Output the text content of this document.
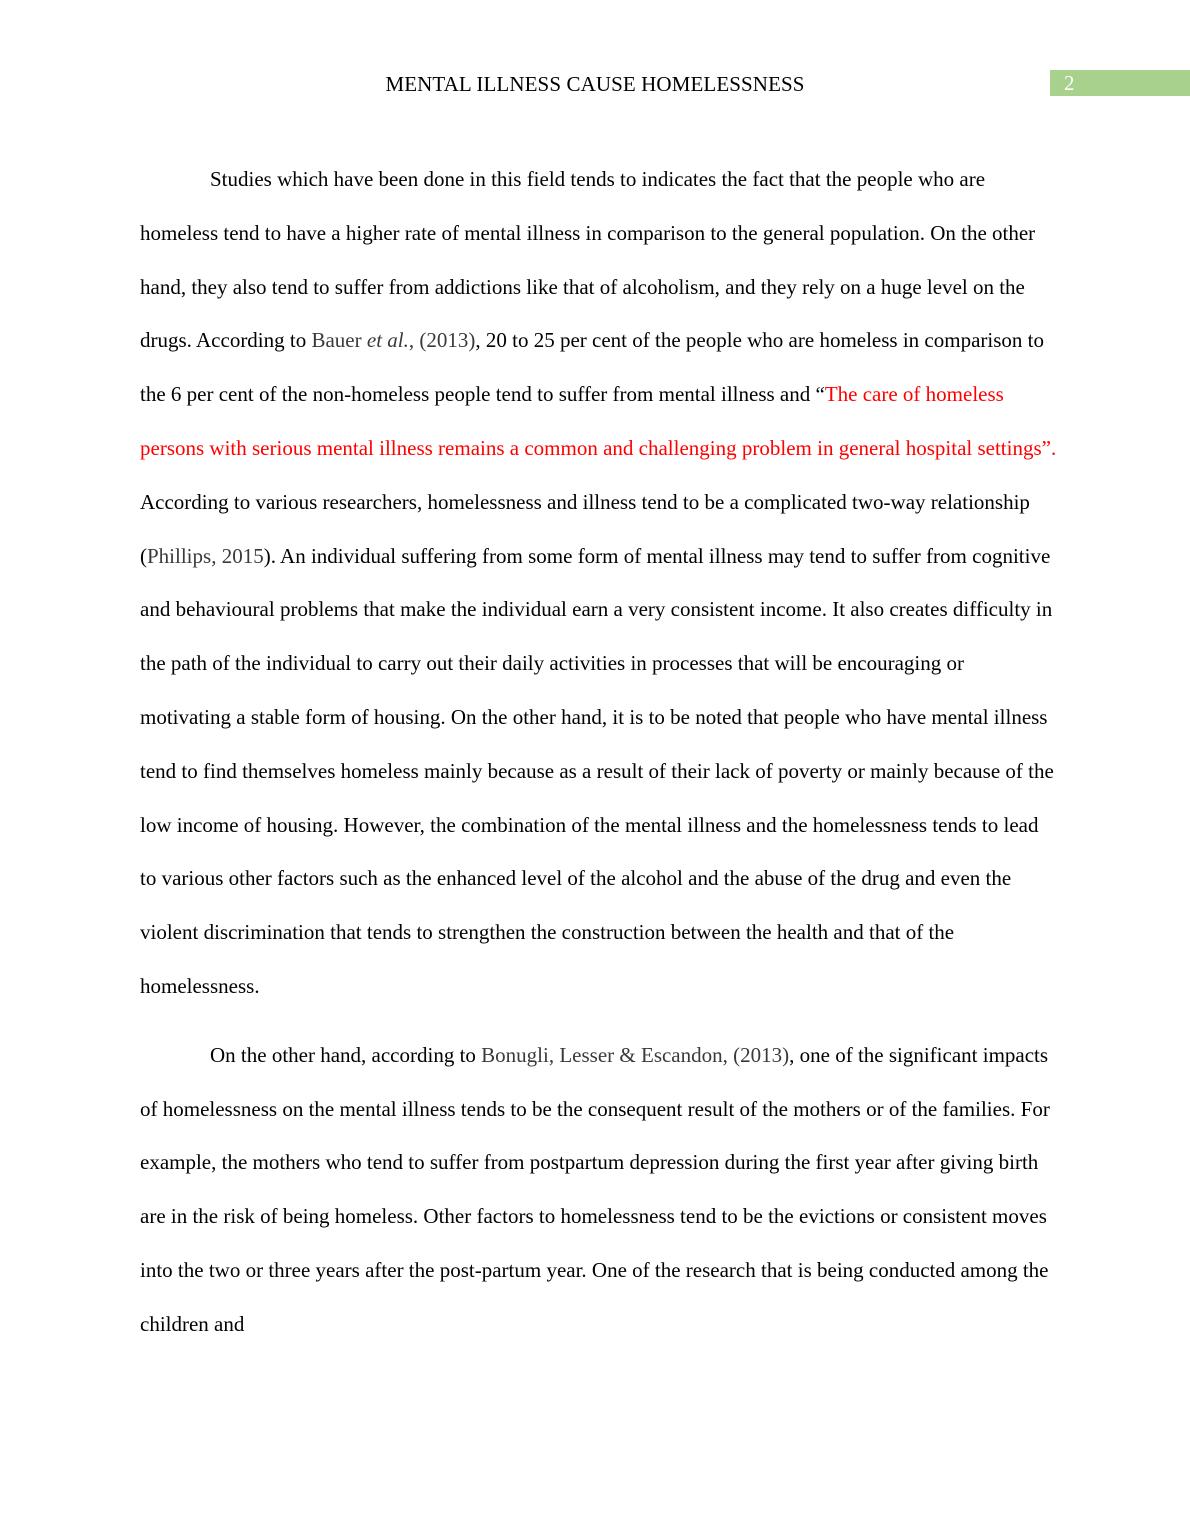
MENTAL ILLNESS CAUSE HOMELESSNESS	2

Studies which have been done in this field tends to indicates the fact that the people who are homeless tend to have a higher rate of mental illness in comparison to the general population. On the other hand, they also tend to suffer from addictions like that of alcoholism, and they rely on a huge level on the drugs. According to Bauer et al., (2013), 20 to 25 per cent of the people who are homeless in comparison to the 6 per cent of the non-homeless people tend to suffer from mental illness and “The care of homeless persons with serious mental illness remains a common and challenging problem in general hospital settings”. According to various researchers, homelessness and illness tend to be a complicated two-way relationship (Phillips, 2015). An individual suffering from some form of mental illness may tend to suffer from cognitive and behavioural problems that make the individual earn a very consistent income. It also creates difficulty in the path of the individual to carry out their daily activities in processes that will be encouraging or motivating a stable form of housing. On the other hand, it is to be noted that people who have mental illness tend to find themselves homeless mainly because as a result of their lack of poverty or mainly because of the low income of housing. However, the combination of the mental illness and the homelessness tends to lead to various other factors such as the enhanced level of the alcohol and the abuse of the drug and even the violent discrimination that tends to strengthen the construction between the health and that of the homelessness.

On the other hand, according to Bonugli, Lesser & Escandon, (2013), one of the significant impacts of homelessness on the mental illness tends to be the consequent result of the mothers or of the families. For example, the mothers who tend to suffer from postpartum depression during the first year after giving birth are in the risk of being homeless. Other factors to homelessness tend to be the evictions or consistent moves into the two or three years after the post-partum year. One of the research that is being conducted among the children and
